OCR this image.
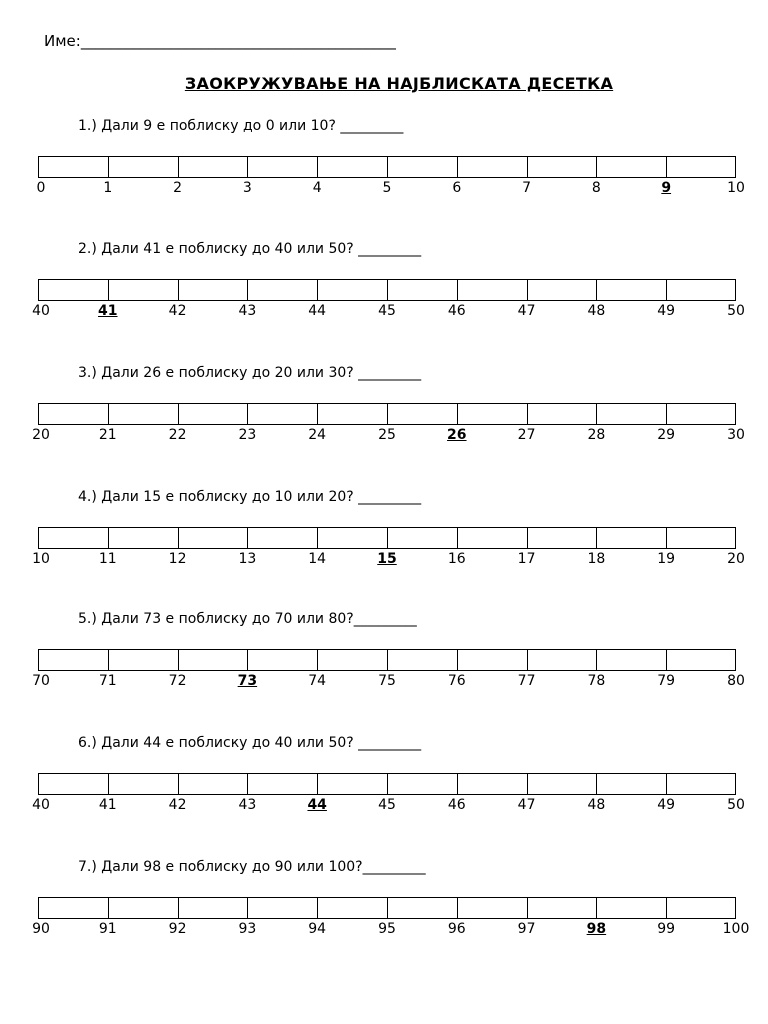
Име:__________________________________________
ЗАОКРУЖУВАЊЕ НА НАЈБЛИСКАТА ДЕСЕТКА
1.) Дали 9 е поблиску до 0 или 10? _________
0	1	2	3	4	5	6	7	8	9	10
2.) Дали 41 е поблиску до 40 или 50? _________
40	41	42	43	44	45	46	47	48	49	50
3.) Дали 26 е поблиску до 20 или 30? _________
20	21	22	23	24	25	26	27	28	29	30
4.) Дали 15 е поблиску до 10 или 20? _________
10	11	12	13	14	15	16	17	18	19	20
5.) Дали 73 е поблиску до 70 или 80?_________
70	71	72	73	74	75	76	77	78	79	80
6.) Дали 44 е поблиску до 40 или 50? _________
40	41	42	43	44	45	46	47	48	49	50
7.) Дали 98 е поблиску до 90 или 100?_________
90	91	92	93	94	95	96	97	98	99	100
